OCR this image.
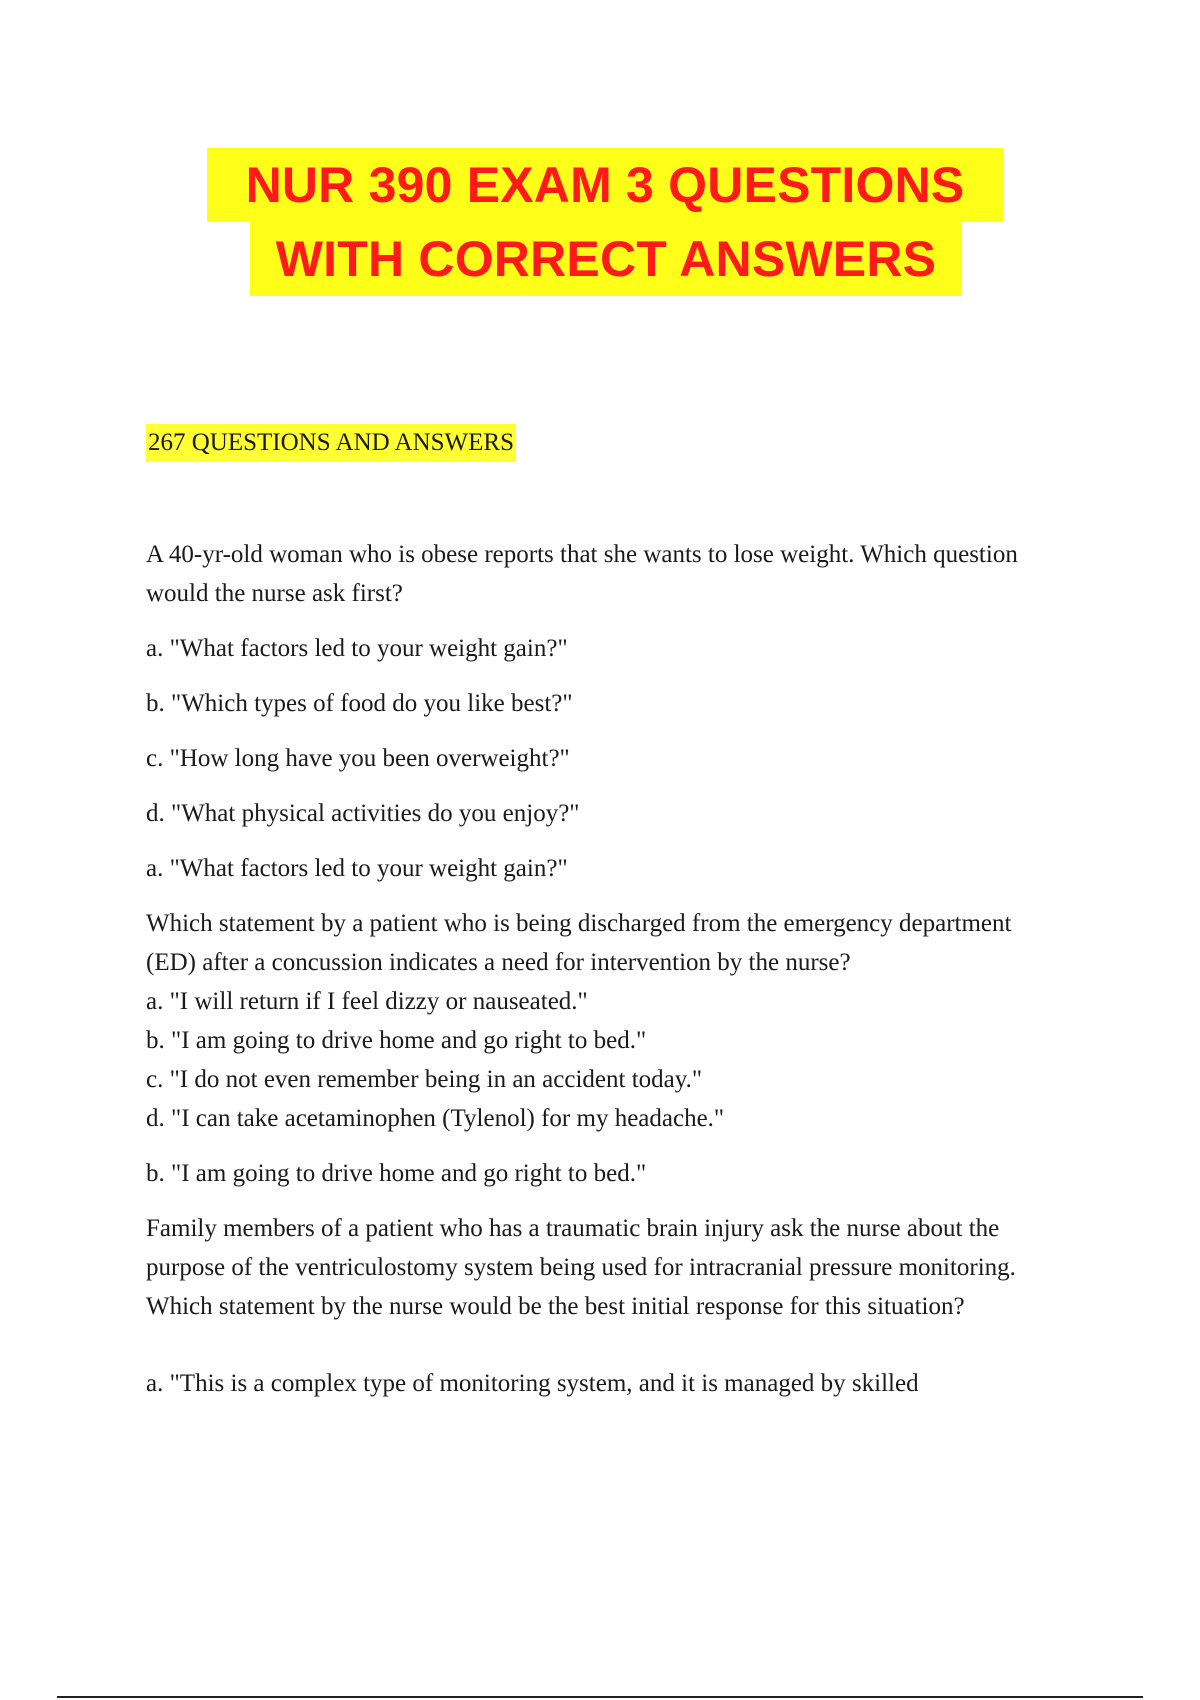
NUR 390 EXAM 3 QUESTIONS
WITH CORRECT ANSWERS
267 QUESTIONS AND ANSWERS

A 40-yr-old woman who is obese reports that she wants to lose weight. Which question would the nurse ask first?

a. "What factors led to your weight gain?"

b. "Which types of food do you like best?"

c. "How long have you been overweight?"

d. "What physical activities do you enjoy?"

a. "What factors led to your weight gain?"

Which statement by a patient who is being discharged from the emergency department (ED) after a concussion indicates a need for intervention by the nurse?

a. "I will return if I feel dizzy or nauseated."

b. "I am going to drive home and go right to bed."

c. "I do not even remember being in an accident today."

d. "I can take acetaminophen (Tylenol) for my headache."

b. "I am going to drive home and go right to bed."

Family members of a patient who has a traumatic brain injury ask the nurse about the purpose of the ventriculostomy system being used for intracranial pressure monitoring. Which statement by the nurse would be the best initial response for this situation?

a. "This is a complex type of monitoring system, and it is managed by skilled
